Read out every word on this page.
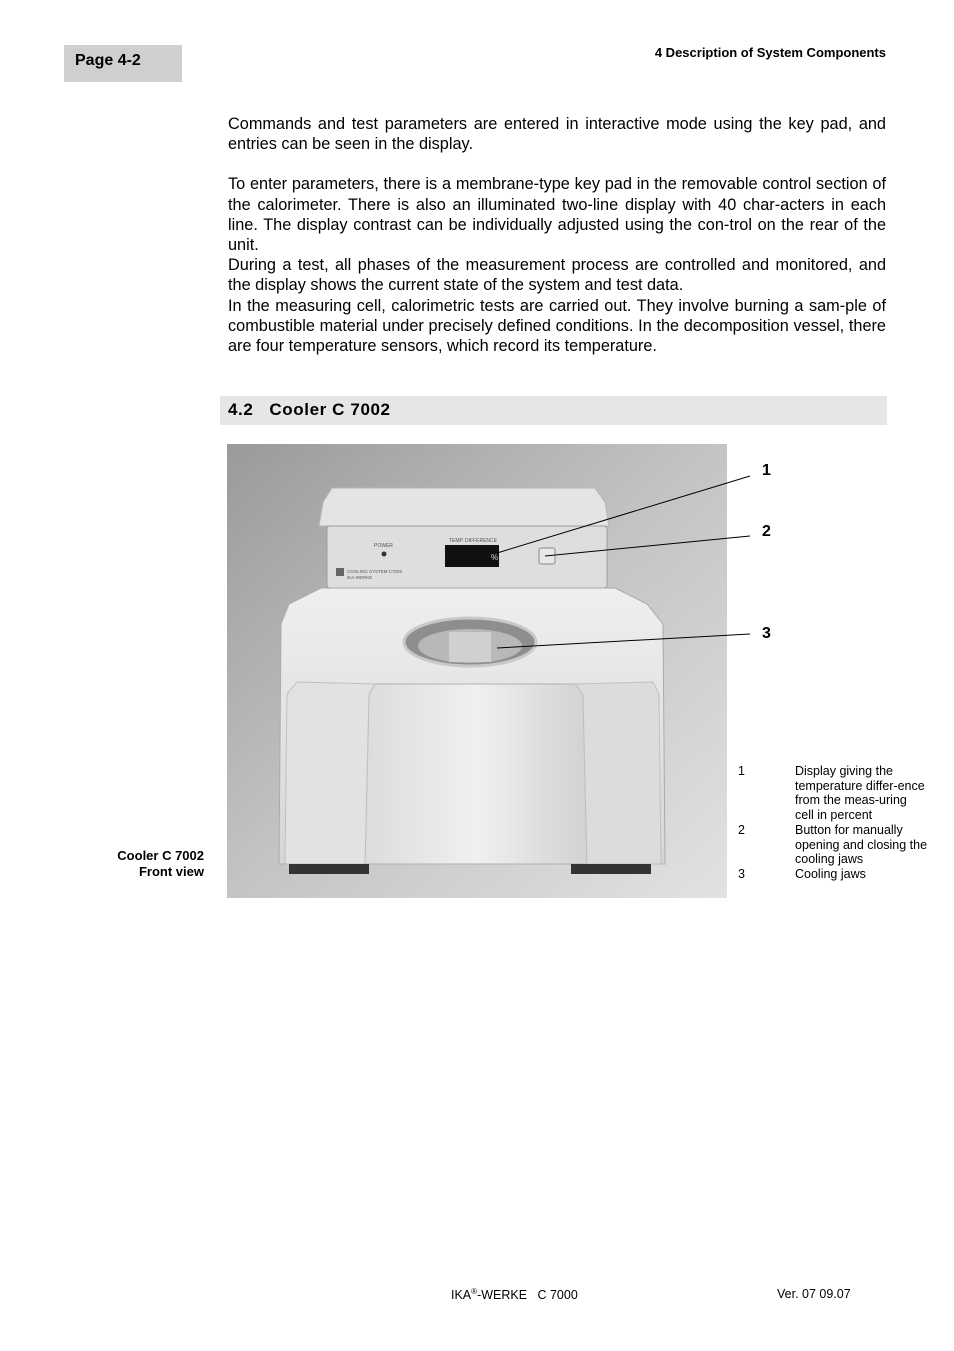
Page 4-2	4 Description of System Components

Commands and test parameters are entered in interactive mode using the key pad, and entries can be seen in the display.

To enter parameters, there is a membrane-type key pad in the removable control section of the calorimeter. There is also an illuminated two-line display with 40 char-acters in each line. The display contrast can be individually adjusted using the con-trol on the rear of the unit.

During a test, all phases of the measurement process are controlled and monitored, and the display shows the current state of the system and test data.

In the measuring cell, calorimetric tests are carried out. They involve burning a sam-ple of combustible material under precisely defined conditions. In the decomposition vessel, there are four temperature sensors, which record its temperature.

4.2 Cooler C 7002
POWER
TEMP. DIFFERENCE
%
COOLING SYSTEM C7002
IKA-WERKE
1
2
3
1	Display giving the temperature differ-ence from the meas-uring cell in percent
2	Button for manually opening and closing the cooling jaws
3	Cooling jaws
Cooler C 7002
Front view
IKA®-WERKE   C 7000	Ver. 07 09.07
